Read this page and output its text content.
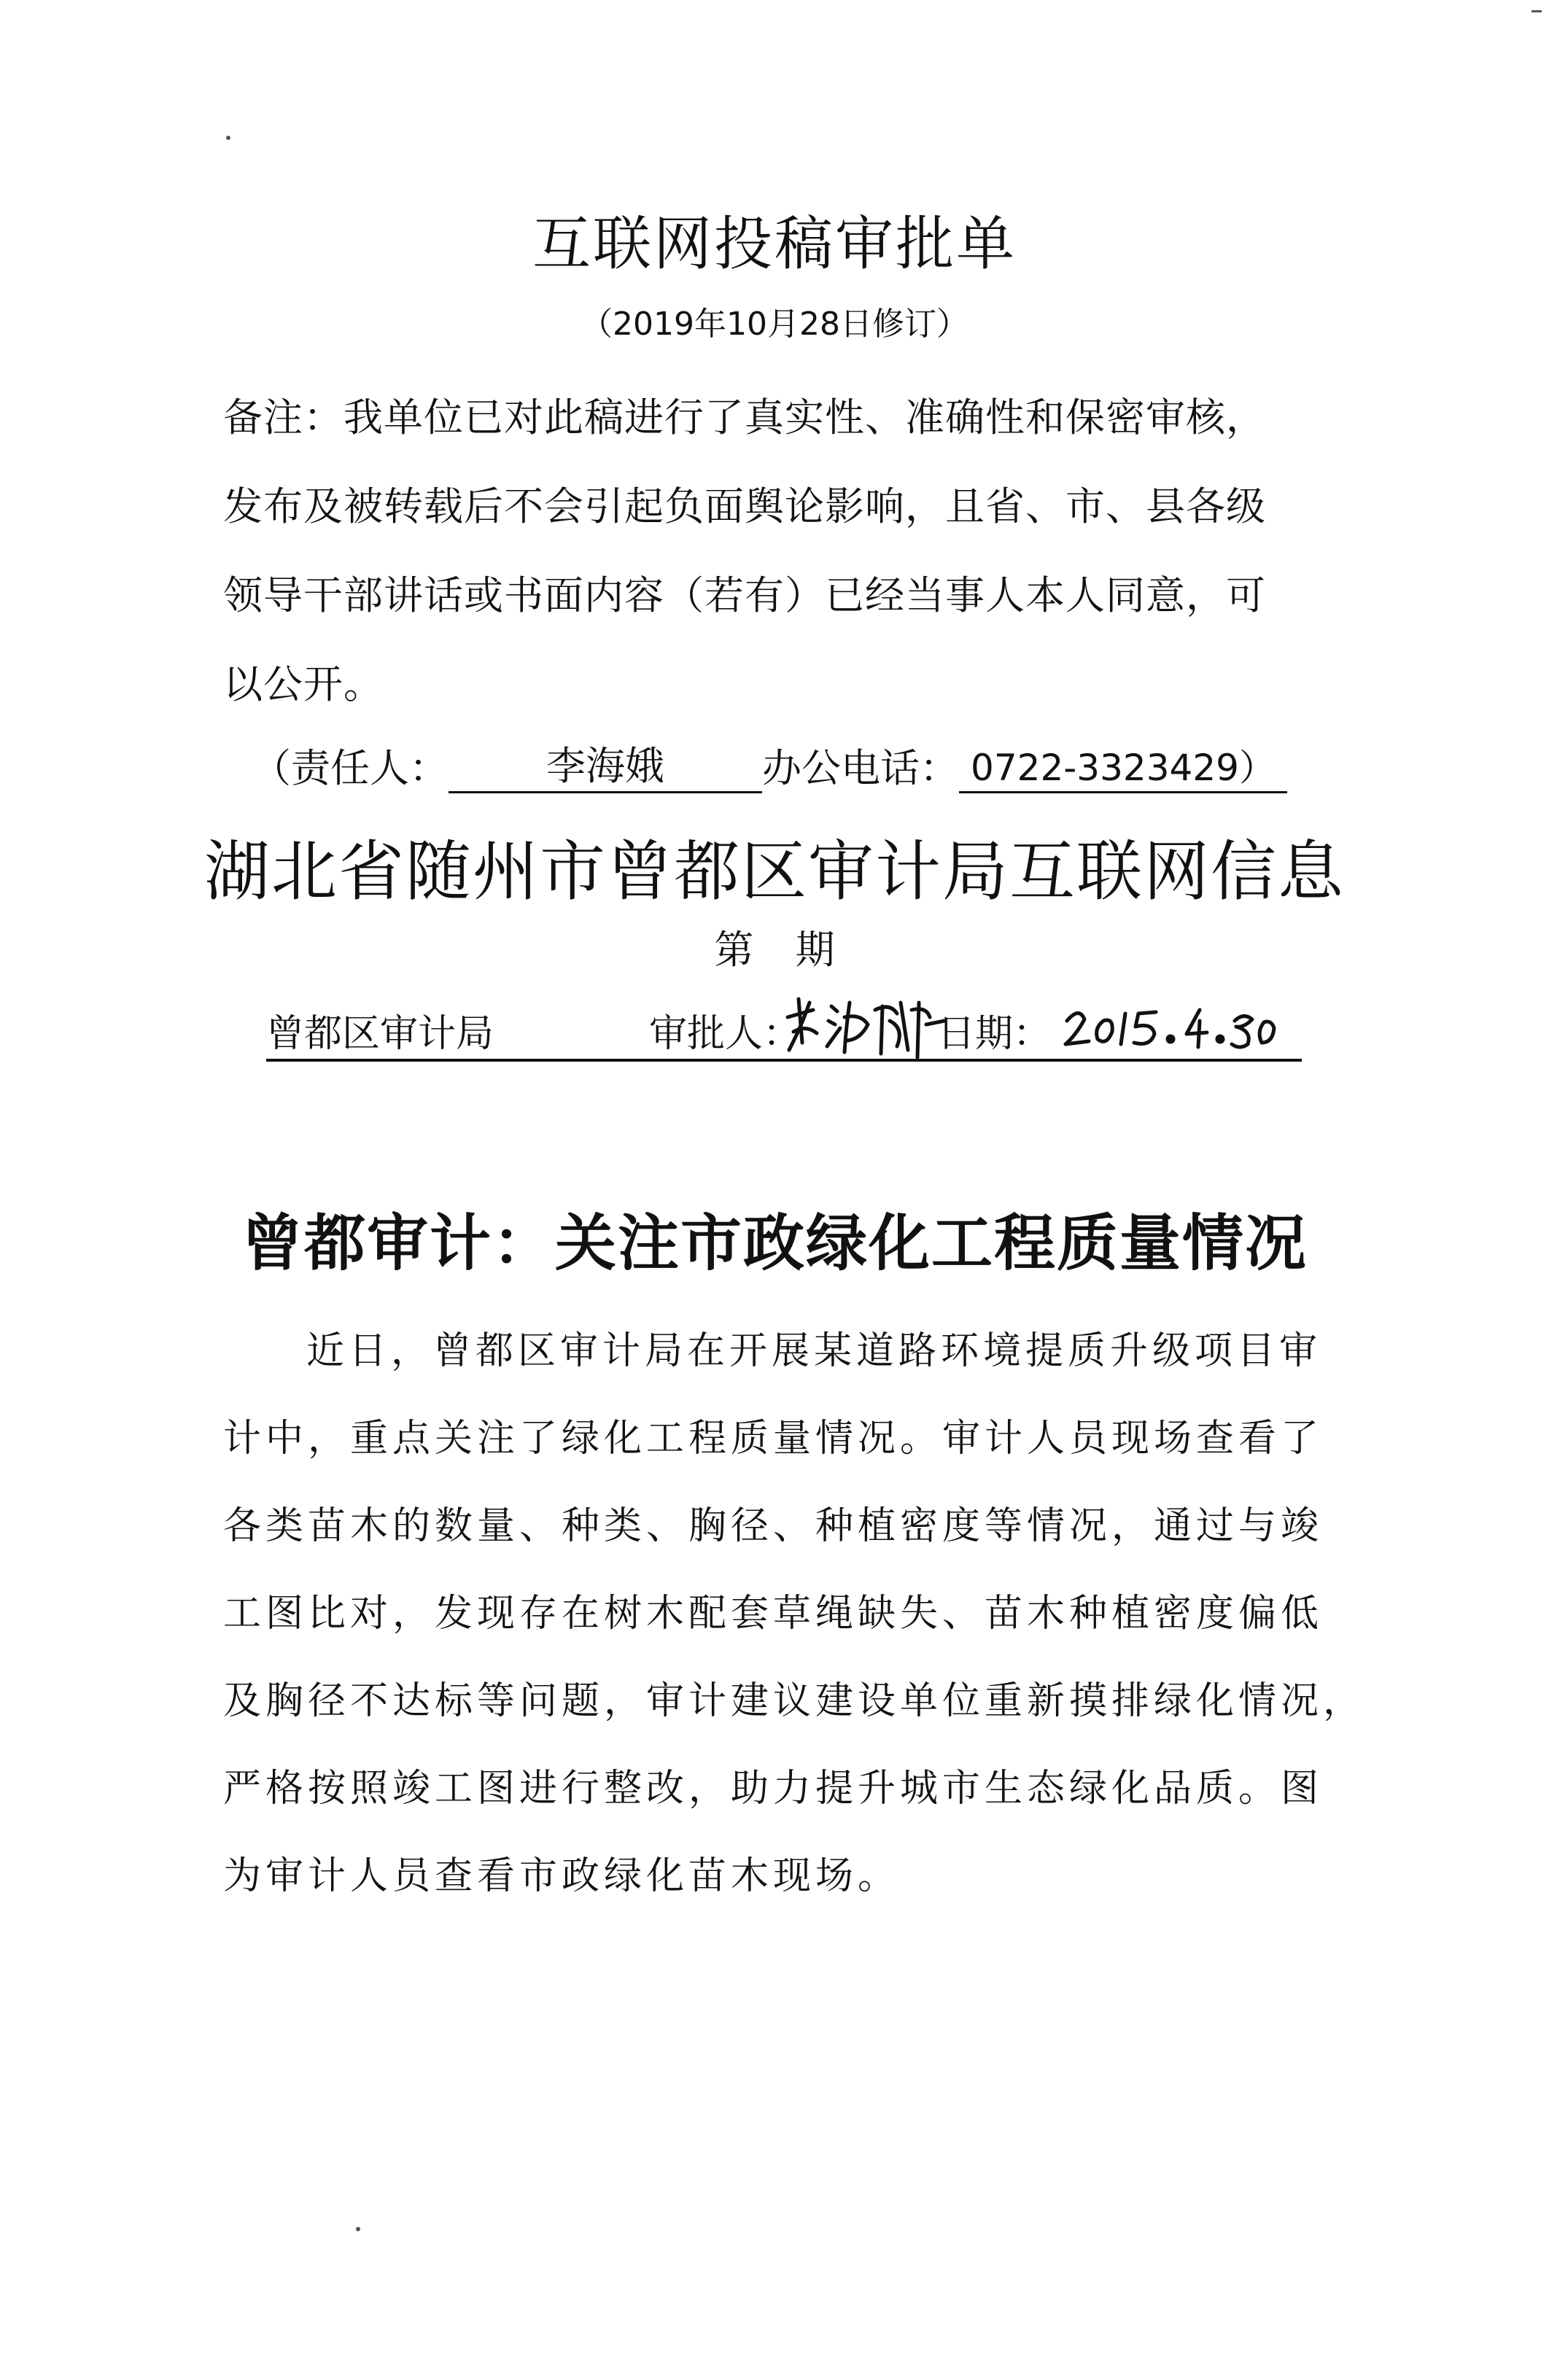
互联网投稿审批单
（2019年10月28日修订）
备注：我单位已对此稿进行了真实性、准确性和保密审核，
发布及被转载后不会引起负面舆论影响，且省、市、县各级
领导干部讲话或书面内容（若有）已经当事人本人同意，可
以公开。
（责任人：	李海娥	办公电话： 0722-3323429）
湖北省随州市曾都区审计局互联网信息
第 期
曾都区审计局	审批人：	日期：
曾都审计：关注市政绿化工程质量情况
近日，曾都区审计局在开展某道路环境提质升级项目审
计中，重点关注了绿化工程质量情况。审计人员现场查看了
各类苗木的数量、种类、胸径、种植密度等情况，通过与竣
工图比对，发现存在树木配套草绳缺失、苗木种植密度偏低
及胸径不达标等问题，审计建议建设单位重新摸排绿化情况，
严格按照竣工图进行整改，助力提升城市生态绿化品质。图
为审计人员查看市政绿化苗木现场。
